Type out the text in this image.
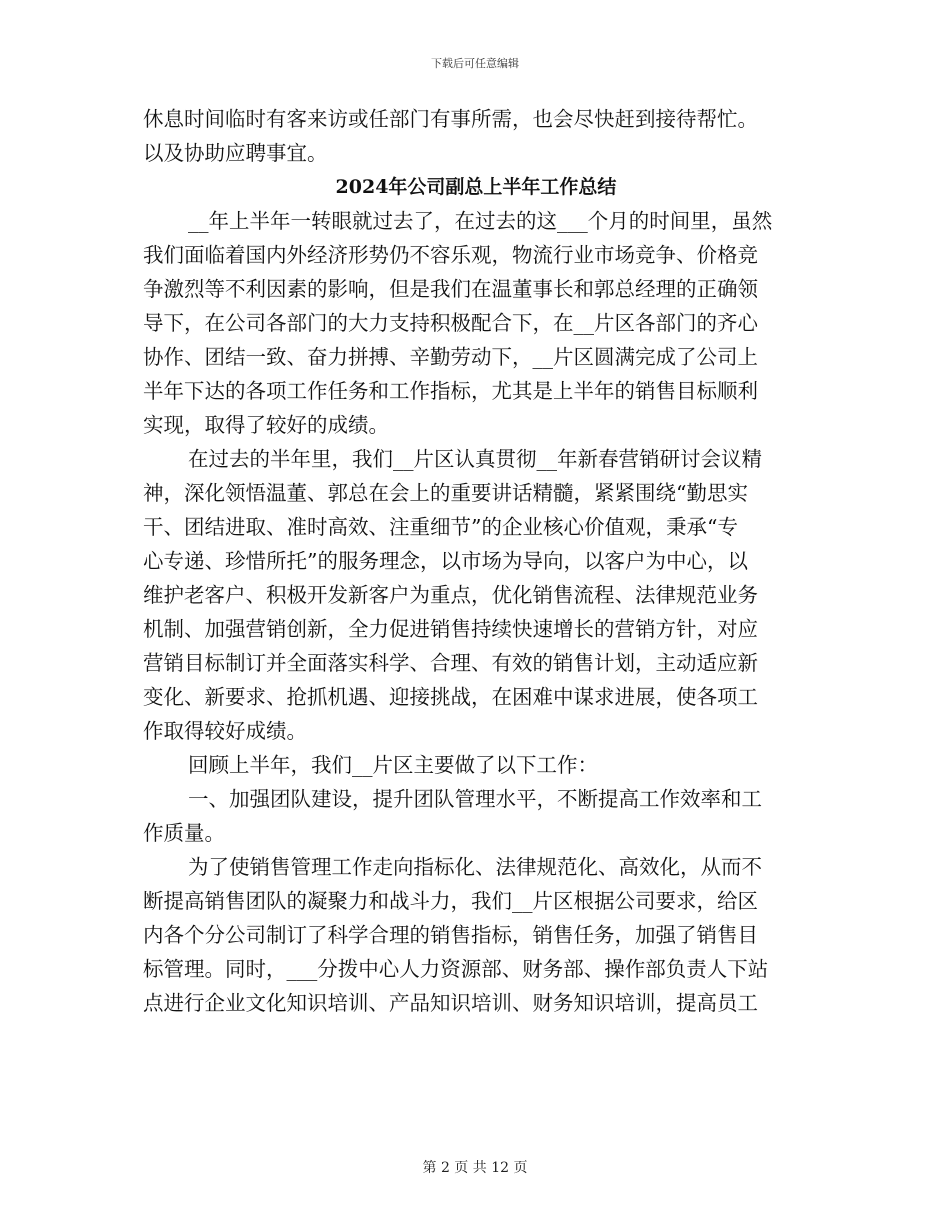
下载后可任意编辑
休息时间临时有客来访或任部门有事所需，也会尽快赶到接待帮忙。
以及协助应聘事宜。
2024年公司副总上半年工作总结
__年上半年一转眼就过去了，在过去的这___个月的时间里，虽然
我们面临着国内外经济形势仍不容乐观，物流行业市场竞争、价格竞
争激烈等不利因素的影响，但是我们在温董事长和郭总经理的正确领
导下，在公司各部门的大力支持积极配合下，在__片区各部门的齐心
协作、团结一致、奋力拼搏、辛勤劳动下，__片区圆满完成了公司上
半年下达的各项工作任务和工作指标，尤其是上半年的销售目标顺利
实现，取得了较好的成绩。
在过去的半年里，我们__片区认真贯彻__年新春营销研讨会议精
神，深化领悟温董、郭总在会上的重要讲话精髓，紧紧围绕“勤思实
干、团结进取、准时高效、注重细节”的企业核心价值观，秉承“专
心专递、珍惜所托”的服务理念，以市场为导向，以客户为中心，以
维护老客户、积极开发新客户为重点，优化销售流程、法律规范业务
机制、加强营销创新，全力促进销售持续快速增长的营销方针，对应
营销目标制订并全面落实科学、合理、有效的销售计划，主动适应新
变化、新要求、抢抓机遇、迎接挑战，在困难中谋求进展，使各项工
作取得较好成绩。
回顾上半年，我们__片区主要做了以下工作：
一、加强团队建设，提升团队管理水平，不断提高工作效率和工
作质量。
为了使销售管理工作走向指标化、法律规范化、高效化，从而不
断提高销售团队的凝聚力和战斗力，我们__片区根据公司要求，给区
内各个分公司制订了科学合理的销售指标，销售任务，加强了销售目
标管理。同时，___分拨中心人力资源部、财务部、操作部负责人下站
点进行企业文化知识培训、产品知识培训、财务知识培训，提高员工
第 2 页 共 12 页
